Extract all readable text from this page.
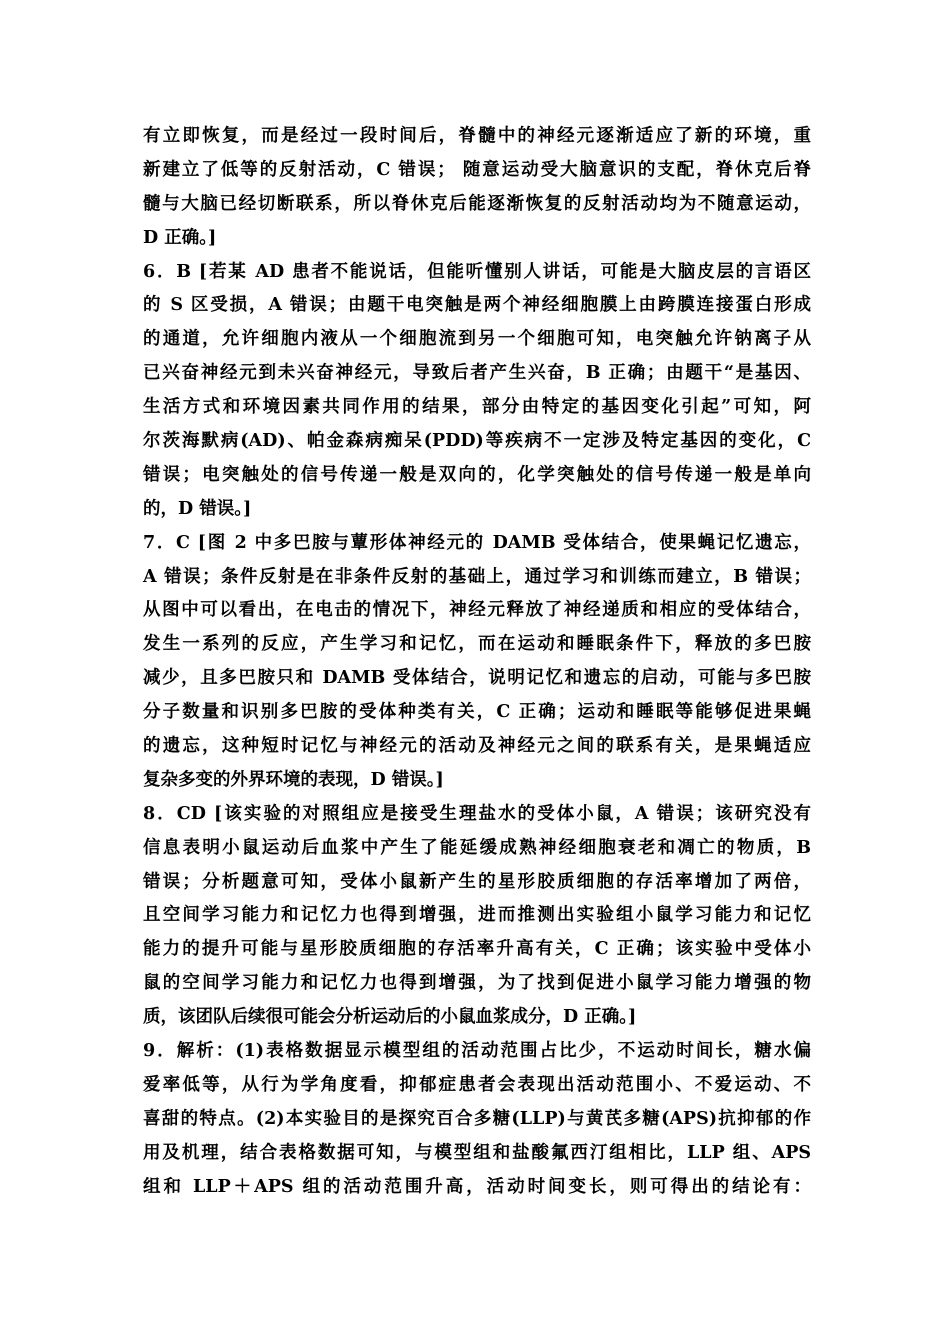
有立即恢复，而是经过一段时间后，脊髓中的神经元逐渐适应了新的环境，重
新建立了低等的反射活动，C 错误； 随意运动受大脑意识的支配，脊休克后脊
髓与大脑已经切断联系，所以脊休克后能逐渐恢复的反射活动均为不随意运动，
D 正确。]
6．B [若某 AD 患者不能说话，但能听懂别人讲话，可能是大脑皮层的言语区
的 S 区受损，A 错误；由题干电突触是两个神经细胞膜上由跨膜连接蛋白形成
的通道，允许细胞内液从一个细胞流到另一个细胞可知，电突触允许钠离子从
已兴奋神经元到未兴奋神经元，导致后者产生兴奋，B 正确；由题干“是基因、
生活方式和环境因素共同作用的结果，部分由特定的基因变化引起”可知，阿
尔茨海默病(AD)、帕金森病痴呆(PDD)等疾病不一定涉及特定基因的变化，C
错误；电突触处的信号传递一般是双向的，化学突触处的信号传递一般是单向
的，D 错误。]
7．C [图 2 中多巴胺与蕈形体神经元的 DAMB 受体结合，使果蝇记忆遗忘，
A 错误；条件反射是在非条件反射的基础上，通过学习和训练而建立，B 错误；
从图中可以看出，在电击的情况下，神经元释放了神经递质和相应的受体结合，
发生一系列的反应，产生学习和记忆，而在运动和睡眠条件下，释放的多巴胺
减少，且多巴胺只和 DAMB 受体结合，说明记忆和遗忘的启动，可能与多巴胺
分子数量和识别多巴胺的受体种类有关，C 正确；运动和睡眠等能够促进果蝇
的遗忘，这种短时记忆与神经元的活动及神经元之间的联系有关，是果蝇适应
复杂多变的外界环境的表现，D 错误。]
8．CD [该实验的对照组应是接受生理盐水的受体小鼠，A 错误；该研究没有
信息表明小鼠运动后血浆中产生了能延缓成熟神经细胞衰老和凋亡的物质，B
错误；分析题意可知，受体小鼠新产生的星形胶质细胞的存活率增加了两倍，
且空间学习能力和记忆力也得到增强，进而推测出实验组小鼠学习能力和记忆
能力的提升可能与星形胶质细胞的存活率升高有关，C 正确；该实验中受体小
鼠的空间学习能力和记忆力也得到增强，为了找到促进小鼠学习能力增强的物
质，该团队后续很可能会分析运动后的小鼠血浆成分，D 正确。]
9．解析：(1)表格数据显示模型组的活动范围占比少，不运动时间长，糖水偏
爱率低等，从行为学角度看，抑郁症患者会表现出活动范围小、不爱运动、不
喜甜的特点。(2)本实验目的是探究百合多糖(LLP)与黄芪多糖(APS)抗抑郁的作
用及机理，结合表格数据可知，与模型组和盐酸氟西汀组相比，LLP 组、APS
组和 LLP＋APS 组的活动范围升高，活动时间变长，则可得出的结论有：
